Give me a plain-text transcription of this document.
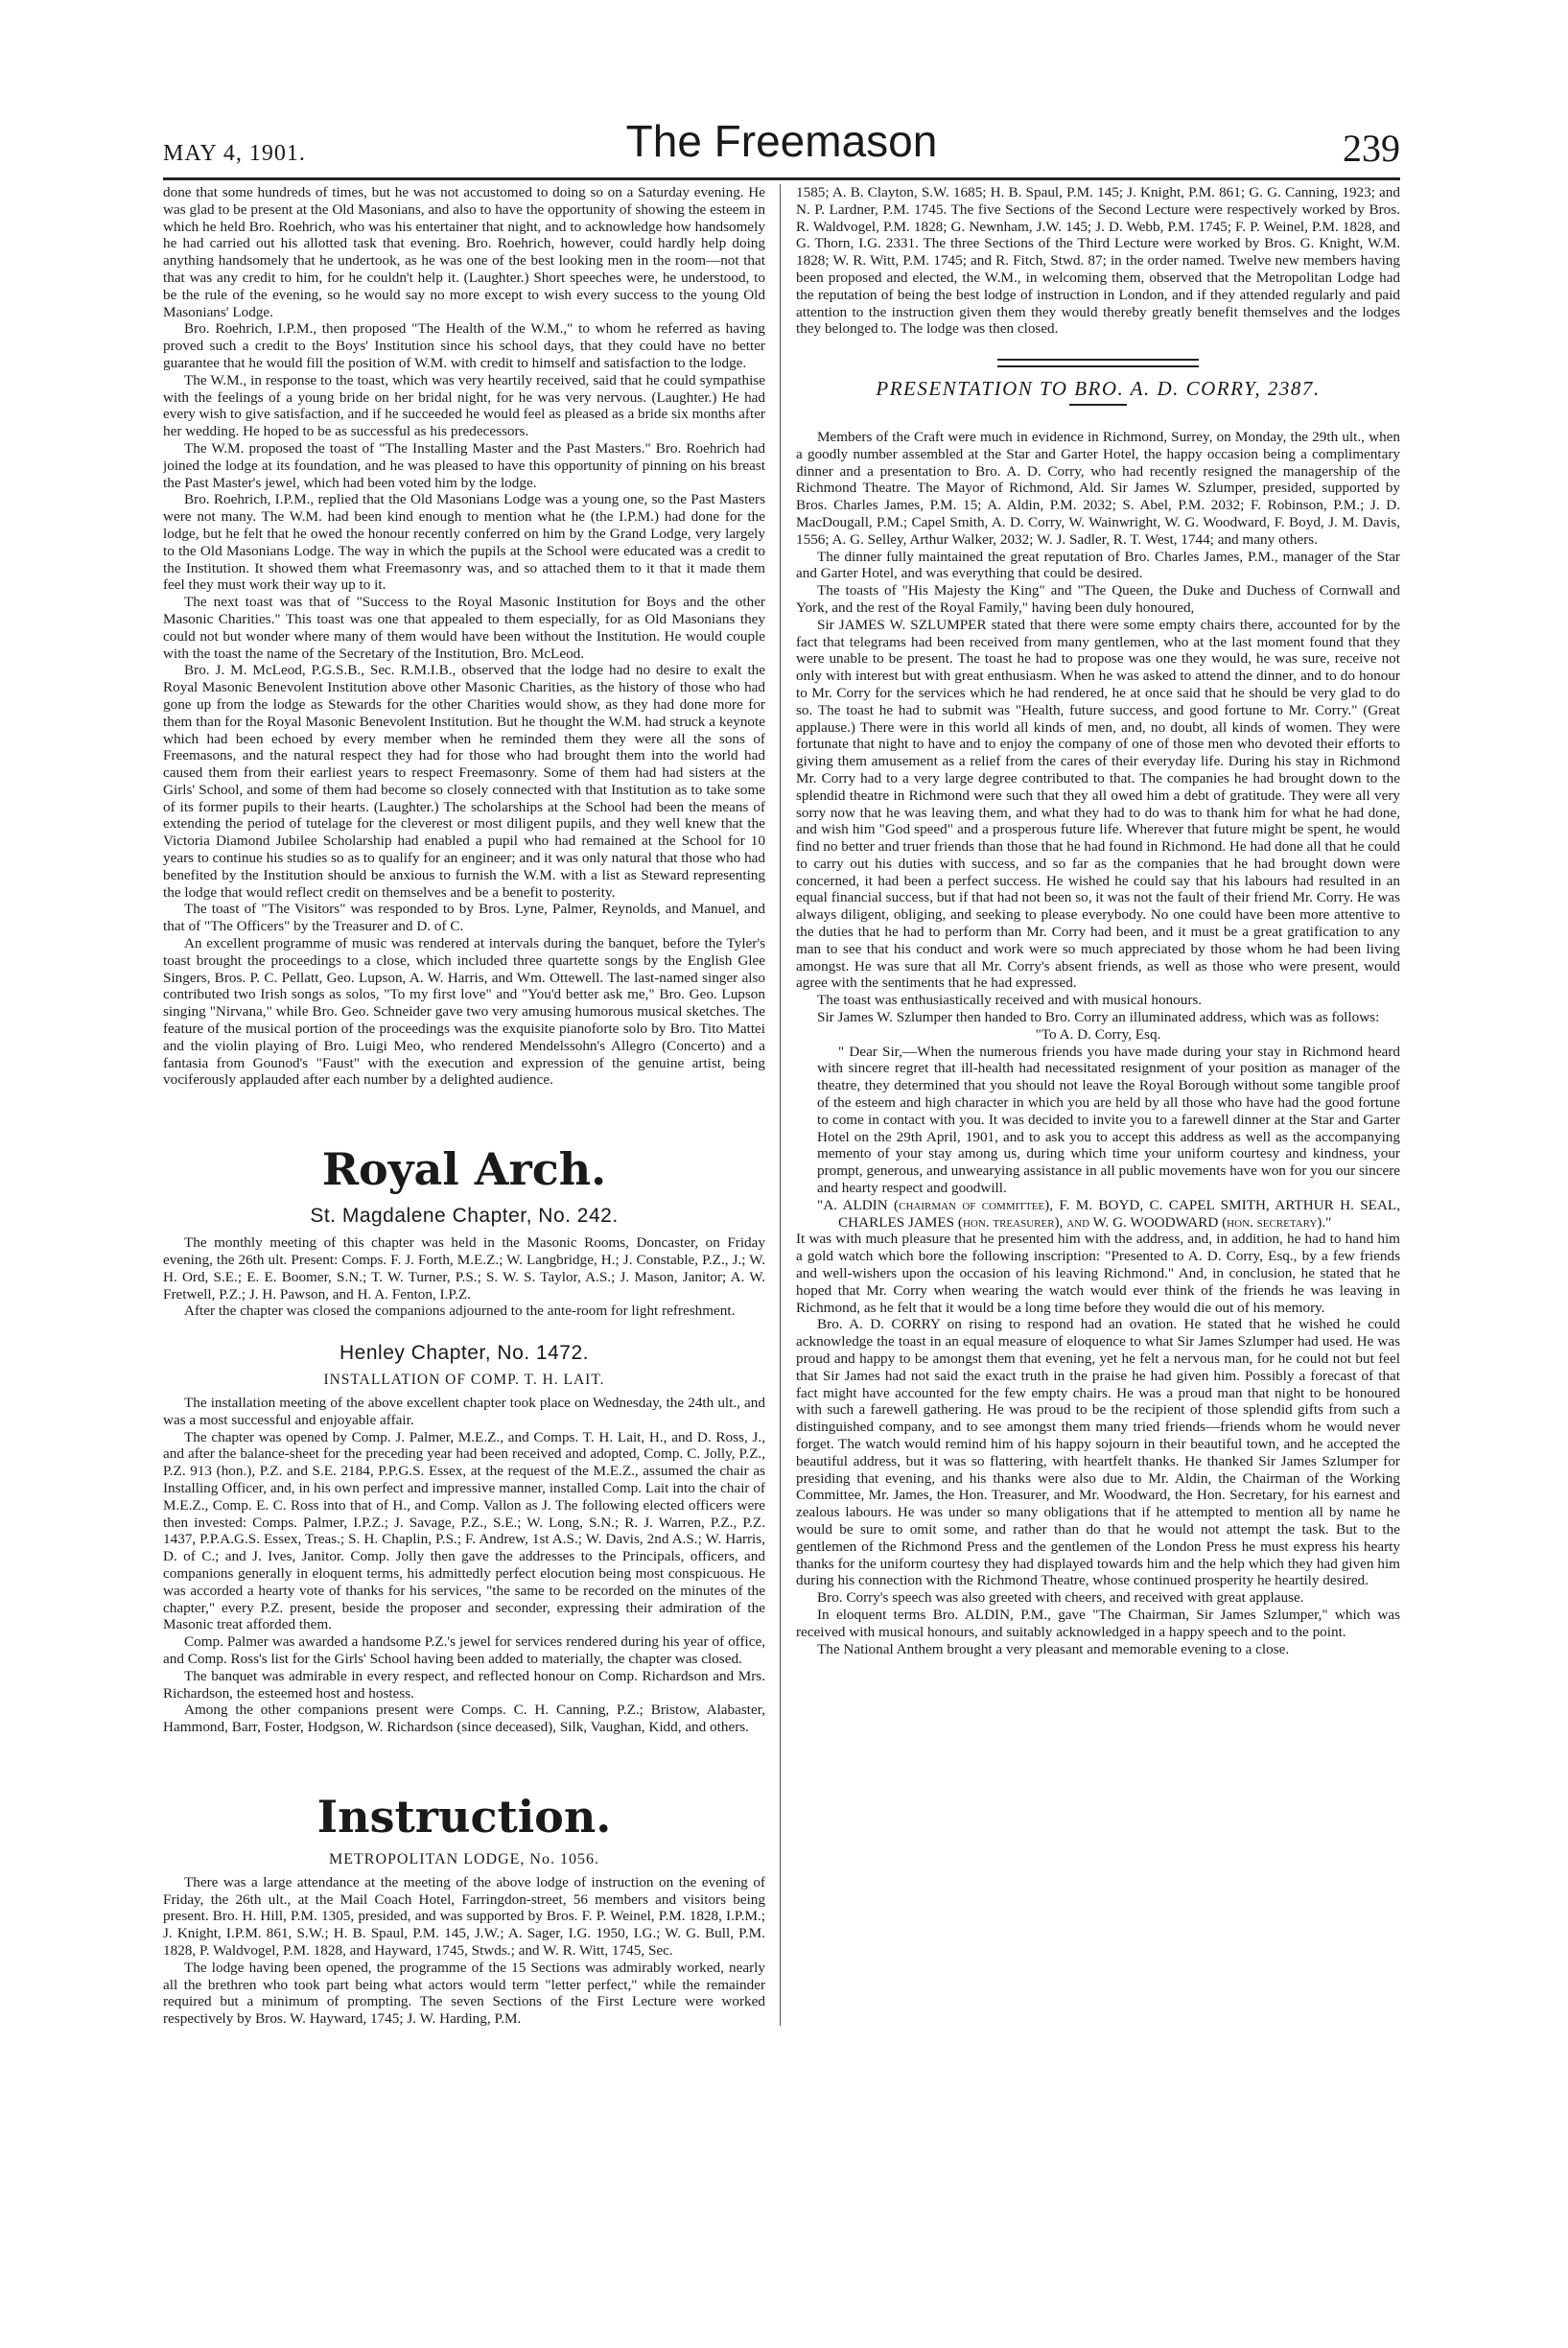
MAY 4, 1901.	The Freemason	239

done that some hundreds of times, but he was not accustomed to doing so on a Saturday evening. He was glad to be present at the Old Masonians, and also to have the opportunity of showing the esteem in which he held Bro. Roehrich, who was his entertainer that night, and to acknowledge how handsomely he had carried out his allotted task that evening. Bro. Roehrich, however, could hardly help doing anything handsomely that he undertook, as he was one of the best looking men in the room—not that that was any credit to him, for he couldn't help it. (Laughter.) Short speeches were, he understood, to be the rule of the evening, so he would say no more except to wish every success to the young Old Masonians' Lodge.

Bro. Roehrich, I.P.M., then proposed "The Health of the W.M.," to whom he referred as having proved such a credit to the Boys' Institution since his school days, that they could have no better guarantee that he would fill the position of W.M. with credit to himself and satisfaction to the lodge.

The W.M., in response to the toast, which was very heartily received, said that he could sympathise with the feelings of a young bride on her bridal night, for he was very nervous. (Laughter.) He had every wish to give satisfaction, and if he succeeded he would feel as pleased as a bride six months after her wedding. He hoped to be as successful as his predecessors.

The W.M. proposed the toast of "The Installing Master and the Past Masters." Bro. Roehrich had joined the lodge at its foundation, and he was pleased to have this opportunity of pinning on his breast the Past Master's jewel, which had been voted him by the lodge.

Bro. Roehrich, I.P.M., replied that the Old Masonians Lodge was a young one, so the Past Masters were not many. The W.M. had been kind enough to mention what he (the I.P.M.) had done for the lodge, but he felt that he owed the honour recently conferred on him by the Grand Lodge, very largely to the Old Masonians Lodge. The way in which the pupils at the School were educated was a credit to the Institution. It showed them what Freemasonry was, and so attached them to it that it made them feel they must work their way up to it.

The next toast was that of "Success to the Royal Masonic Institution for Boys and the other Masonic Charities." This toast was one that appealed to them especially, for as Old Masonians they could not but wonder where many of them would have been without the Institution. He would couple with the toast the name of the Secretary of the Institution, Bro. McLeod.

Bro. J. M. McLeod, P.G.S.B., Sec. R.M.I.B., observed that the lodge had no desire to exalt the Royal Masonic Benevolent Institution above other Masonic Charities, as the history of those who had gone up from the lodge as Stewards for the other Charities would show, as they had done more for them than for the Royal Masonic Benevolent Institution. But he thought the W.M. had struck a keynote which had been echoed by every member when he reminded them they were all the sons of Freemasons, and the natural respect they had for those who had brought them into the world had caused them from their earliest years to respect Freemasonry. Some of them had had sisters at the Girls' School, and some of them had become so closely connected with that Institution as to take some of its former pupils to their hearts. (Laughter.) The scholarships at the School had been the means of extending the period of tutelage for the cleverest or most diligent pupils, and they well knew that the Victoria Diamond Jubilee Scholarship had enabled a pupil who had remained at the School for 10 years to continue his studies so as to qualify for an engineer; and it was only natural that those who had benefited by the Institution should be anxious to furnish the W.M. with a list as Steward representing the lodge that would reflect credit on themselves and be a benefit to posterity.

The toast of "The Visitors" was responded to by Bros. Lyne, Palmer, Reynolds, and Manuel, and that of "The Officers" by the Treasurer and D. of C.

An excellent programme of music was rendered at intervals during the banquet, before the Tyler's toast brought the proceedings to a close, which included three quartette songs by the English Glee Singers, Bros. P. C. Pellatt, Geo. Lupson, A. W. Harris, and Wm. Ottewell. The last-named singer also contributed two Irish songs as solos, "To my first love" and "You'd better ask me," Bro. Geo. Lupson singing "Nirvana," while Bro. Geo. Schneider gave two very amusing humorous musical sketches. The feature of the musical portion of the proceedings was the exquisite pianoforte solo by Bro. Tito Mattei and the violin playing of Bro. Luigi Meo, who rendered Mendelssohn's Allegro (Concerto) and a fantasia from Gounod's "Faust" with the execution and expression of the genuine artist, being vociferously applauded after each number by a delighted audience.

Royal Arch.
St. Magdalene Chapter, No. 242.

The monthly meeting of this chapter was held in the Masonic Rooms, Doncaster, on Friday evening, the 26th ult. Present: Comps. F. J. Forth, M.E.Z.; W. Langbridge, H.; J. Constable, P.Z., J.; W. H. Ord, S.E.; E. E. Boomer, S.N.; T. W. Turner, P.S.; S. W. S. Taylor, A.S.; J. Mason, Janitor; A. W. Fretwell, P.Z.; J. H. Pawson, and H. A. Fenton, I.P.Z.

After the chapter was closed the companions adjourned to the ante-room for light refreshment.

Henley Chapter, No. 1472.
INSTALLATION OF COMP. T. H. LAIT.

The installation meeting of the above excellent chapter took place on Wednesday, the 24th ult., and was a most successful and enjoyable affair.

The chapter was opened by Comp. J. Palmer, M.E.Z., and Comps. T. H. Lait, H., and D. Ross, J., and after the balance-sheet for the preceding year had been received and adopted, Comp. C. Jolly, P.Z., P.Z. 913 (hon.), P.Z. and S.E. 2184, P.P.G.S. Essex, at the request of the M.E.Z., assumed the chair as Installing Officer, and, in his own perfect and impressive manner, installed Comp. Lait into the chair of M.E.Z., Comp. E. C. Ross into that of H., and Comp. Vallon as J. The following elected officers were then invested: Comps. Palmer, I.P.Z.; J. Savage, P.Z., S.E.; W. Long, S.N.; R. J. Warren, P.Z., P.Z. 1437, P.P.A.G.S. Essex, Treas.; S. H. Chaplin, P.S.; F. Andrew, 1st A.S.; W. Davis, 2nd A.S.; W. Harris, D. of C.; and J. Ives, Janitor. Comp. Jolly then gave the addresses to the Principals, officers, and companions generally in eloquent terms, his admittedly perfect elocution being most conspicuous. He was accorded a hearty vote of thanks for his services, "the same to be recorded on the minutes of the chapter," every P.Z. present, beside the proposer and seconder, expressing their admiration of the Masonic treat afforded them.

Comp. Palmer was awarded a handsome P.Z.'s jewel for services rendered during his year of office, and Comp. Ross's list for the Girls' School having been added to materially, the chapter was closed.

The banquet was admirable in every respect, and reflected honour on Comp. Richardson and Mrs. Richardson, the esteemed host and hostess.

Among the other companions present were Comps. C. H. Canning, P.Z.; Bristow, Alabaster, Hammond, Barr, Foster, Hodgson, W. Richardson (since deceased), Silk, Vaughan, Kidd, and others.

Instruction.
METROPOLITAN LODGE, No. 1056.

There was a large attendance at the meeting of the above lodge of instruction on the evening of Friday, the 26th ult., at the Mail Coach Hotel, Farringdon-street, 56 members and visitors being present. Bro. H. Hill, P.M. 1305, presided, and was supported by Bros. F. P. Weinel, P.M. 1828, I.P.M.; J. Knight, I.P.M. 861, S.W.; H. B. Spaul, P.M. 145, J.W.; A. Sager, I.G. 1950, I.G.; W. G. Bull, P.M. 1828, P. Waldvogel, P.M. 1828, and Hayward, 1745, Stwds.; and W. R. Witt, 1745, Sec.

The lodge having been opened, the programme of the 15 Sections was admirably worked, nearly all the brethren who took part being what actors would term "letter perfect," while the remainder required but a minimum of prompting. The seven Sections of the First Lecture were worked respectively by Bros. W. Hayward, 1745; J. W. Harding, P.M.

1585; A. B. Clayton, S.W. 1685; H. B. Spaul, P.M. 145; J. Knight, P.M. 861; G. G. Canning, 1923; and N. P. Lardner, P.M. 1745. The five Sections of the Second Lecture were respectively worked by Bros. R. Waldvogel, P.M. 1828; G. Newnham, J.W. 145; J. D. Webb, P.M. 1745; F. P. Weinel, P.M. 1828, and G. Thorn, I.G. 2331. The three Sections of the Third Lecture were worked by Bros. G. Knight, W.M. 1828; W. R. Witt, P.M. 1745; and R. Fitch, Stwd. 87; in the order named. Twelve new members having been proposed and elected, the W.M., in welcoming them, observed that the Metropolitan Lodge had the reputation of being the best lodge of instruction in London, and if they attended regularly and paid attention to the instruction given them they would thereby greatly benefit themselves and the lodges they belonged to. The lodge was then closed.

PRESENTATION TO BRO. A. D. CORRY, 2387.

Members of the Craft were much in evidence in Richmond, Surrey, on Monday, the 29th ult., when a goodly number assembled at the Star and Garter Hotel, the happy occasion being a complimentary dinner and a presentation to Bro. A. D. Corry, who had recently resigned the managership of the Richmond Theatre. The Mayor of Richmond, Ald. Sir James W. Szlumper, presided, supported by Bros. Charles James, P.M. 15; A. Aldin, P.M. 2032; S. Abel, P.M. 2032; F. Robinson, P.M.; J. D. MacDougall, P.M.; Capel Smith, A. D. Corry, W. Wainwright, W. G. Woodward, F. Boyd, J. M. Davis, 1556; A. G. Selley, Arthur Walker, 2032; W. J. Sadler, R. T. West, 1744; and many others.

The dinner fully maintained the great reputation of Bro. Charles James, P.M., manager of the Star and Garter Hotel, and was everything that could be desired.

The toasts of "His Majesty the King" and "The Queen, the Duke and Duchess of Cornwall and York, and the rest of the Royal Family," having been duly honoured,

Sir JAMES W. SZLUMPER stated that there were some empty chairs there, accounted for by the fact that telegrams had been received from many gentlemen, who at the last moment found that they were unable to be present. The toast he had to propose was one they would, he was sure, receive not only with interest but with great enthusiasm. When he was asked to attend the dinner, and to do honour to Mr. Corry for the services which he had rendered, he at once said that he should be very glad to do so. The toast he had to submit was "Health, future success, and good fortune to Mr. Corry." (Great applause.) There were in this world all kinds of men, and, no doubt, all kinds of women. They were fortunate that night to have and to enjoy the company of one of those men who devoted their efforts to giving them amusement as a relief from the cares of their everyday life. During his stay in Richmond Mr. Corry had to a very large degree contributed to that. The companies he had brought down to the splendid theatre in Richmond were such that they all owed him a debt of gratitude. They were all very sorry now that he was leaving them, and what they had to do was to thank him for what he had done, and wish him "God speed" and a prosperous future life. Wherever that future might be spent, he would find no better and truer friends than those that he had found in Richmond. He had done all that he could to carry out his duties with success, and so far as the companies that he had brought down were concerned, it had been a perfect success. He wished he could say that his labours had resulted in an equal financial success, but if that had not been so, it was not the fault of their friend Mr. Corry. He was always diligent, obliging, and seeking to please everybody. No one could have been more attentive to the duties that he had to perform than Mr. Corry had been, and it must be a great gratification to any man to see that his conduct and work were so much appreciated by those whom he had been living amongst. He was sure that all Mr. Corry's absent friends, as well as those who were present, would agree with the sentiments that he had expressed.

The toast was enthusiastically received and with musical honours.

Sir James W. Szlumper then handed to Bro. Corry an illuminated address, which was as follows:

"To A. D. Corry, Esq.

" Dear Sir,—When the numerous friends you have made during your stay in Richmond heard with sincere regret that ill-health had necessitated resignment of your position as manager of the theatre, they determined that you should not leave the Royal Borough without some tangible proof of the esteem and high character in which you are held by all those who have had the good fortune to come in contact with you. It was decided to invite you to a farewell dinner at the Star and Garter Hotel on the 29th April, 1901, and to ask you to accept this address as well as the accompanying memento of your stay among us, during which time your uniform courtesy and kindness, your prompt, generous, and unwearying assistance in all public movements have won for you our sincere and hearty respect and goodwill.

"A. ALDIN (chairman of committee), F. M. BOYD, C. CAPEL SMITH, ARTHUR H. SEAL, CHARLES JAMES (hon. treasurer), and W. G. WOODWARD (hon. secretary)."

It was with much pleasure that he presented him with the address, and, in addition, he had to hand him a gold watch which bore the following inscription: "Presented to A. D. Corry, Esq., by a few friends and well-wishers upon the occasion of his leaving Richmond." And, in conclusion, he stated that he hoped that Mr. Corry when wearing the watch would ever think of the friends he was leaving in Richmond, as he felt that it would be a long time before they would die out of his memory.

Bro. A. D. CORRY on rising to respond had an ovation. He stated that he wished he could acknowledge the toast in an equal measure of eloquence to what Sir James Szlumper had used. He was proud and happy to be amongst them that evening, yet he felt a nervous man, for he could not but feel that Sir James had not said the exact truth in the praise he had given him. Possibly a forecast of that fact might have accounted for the few empty chairs. He was a proud man that night to be honoured with such a farewell gathering. He was proud to be the recipient of those splendid gifts from such a distinguished company, and to see amongst them many tried friends—friends whom he would never forget. The watch would remind him of his happy sojourn in their beautiful town, and he accepted the beautiful address, but it was so flattering, with heartfelt thanks. He thanked Sir James Szlumper for presiding that evening, and his thanks were also due to Mr. Aldin, the Chairman of the Working Committee, Mr. James, the Hon. Treasurer, and Mr. Woodward, the Hon. Secretary, for his earnest and zealous labours. He was under so many obligations that if he attempted to mention all by name he would be sure to omit some, and rather than do that he would not attempt the task. But to the gentlemen of the Richmond Press and the gentlemen of the London Press he must express his hearty thanks for the uniform courtesy they had displayed towards him and the help which they had given him during his connection with the Richmond Theatre, whose continued prosperity he heartily desired.

Bro. Corry's speech was also greeted with cheers, and received with great applause.

In eloquent terms Bro. ALDIN, P.M., gave "The Chairman, Sir James Szlumper," which was received with musical honours, and suitably acknowledged in a happy speech and to the point.

The National Anthem brought a very pleasant and memorable evening to a close.
